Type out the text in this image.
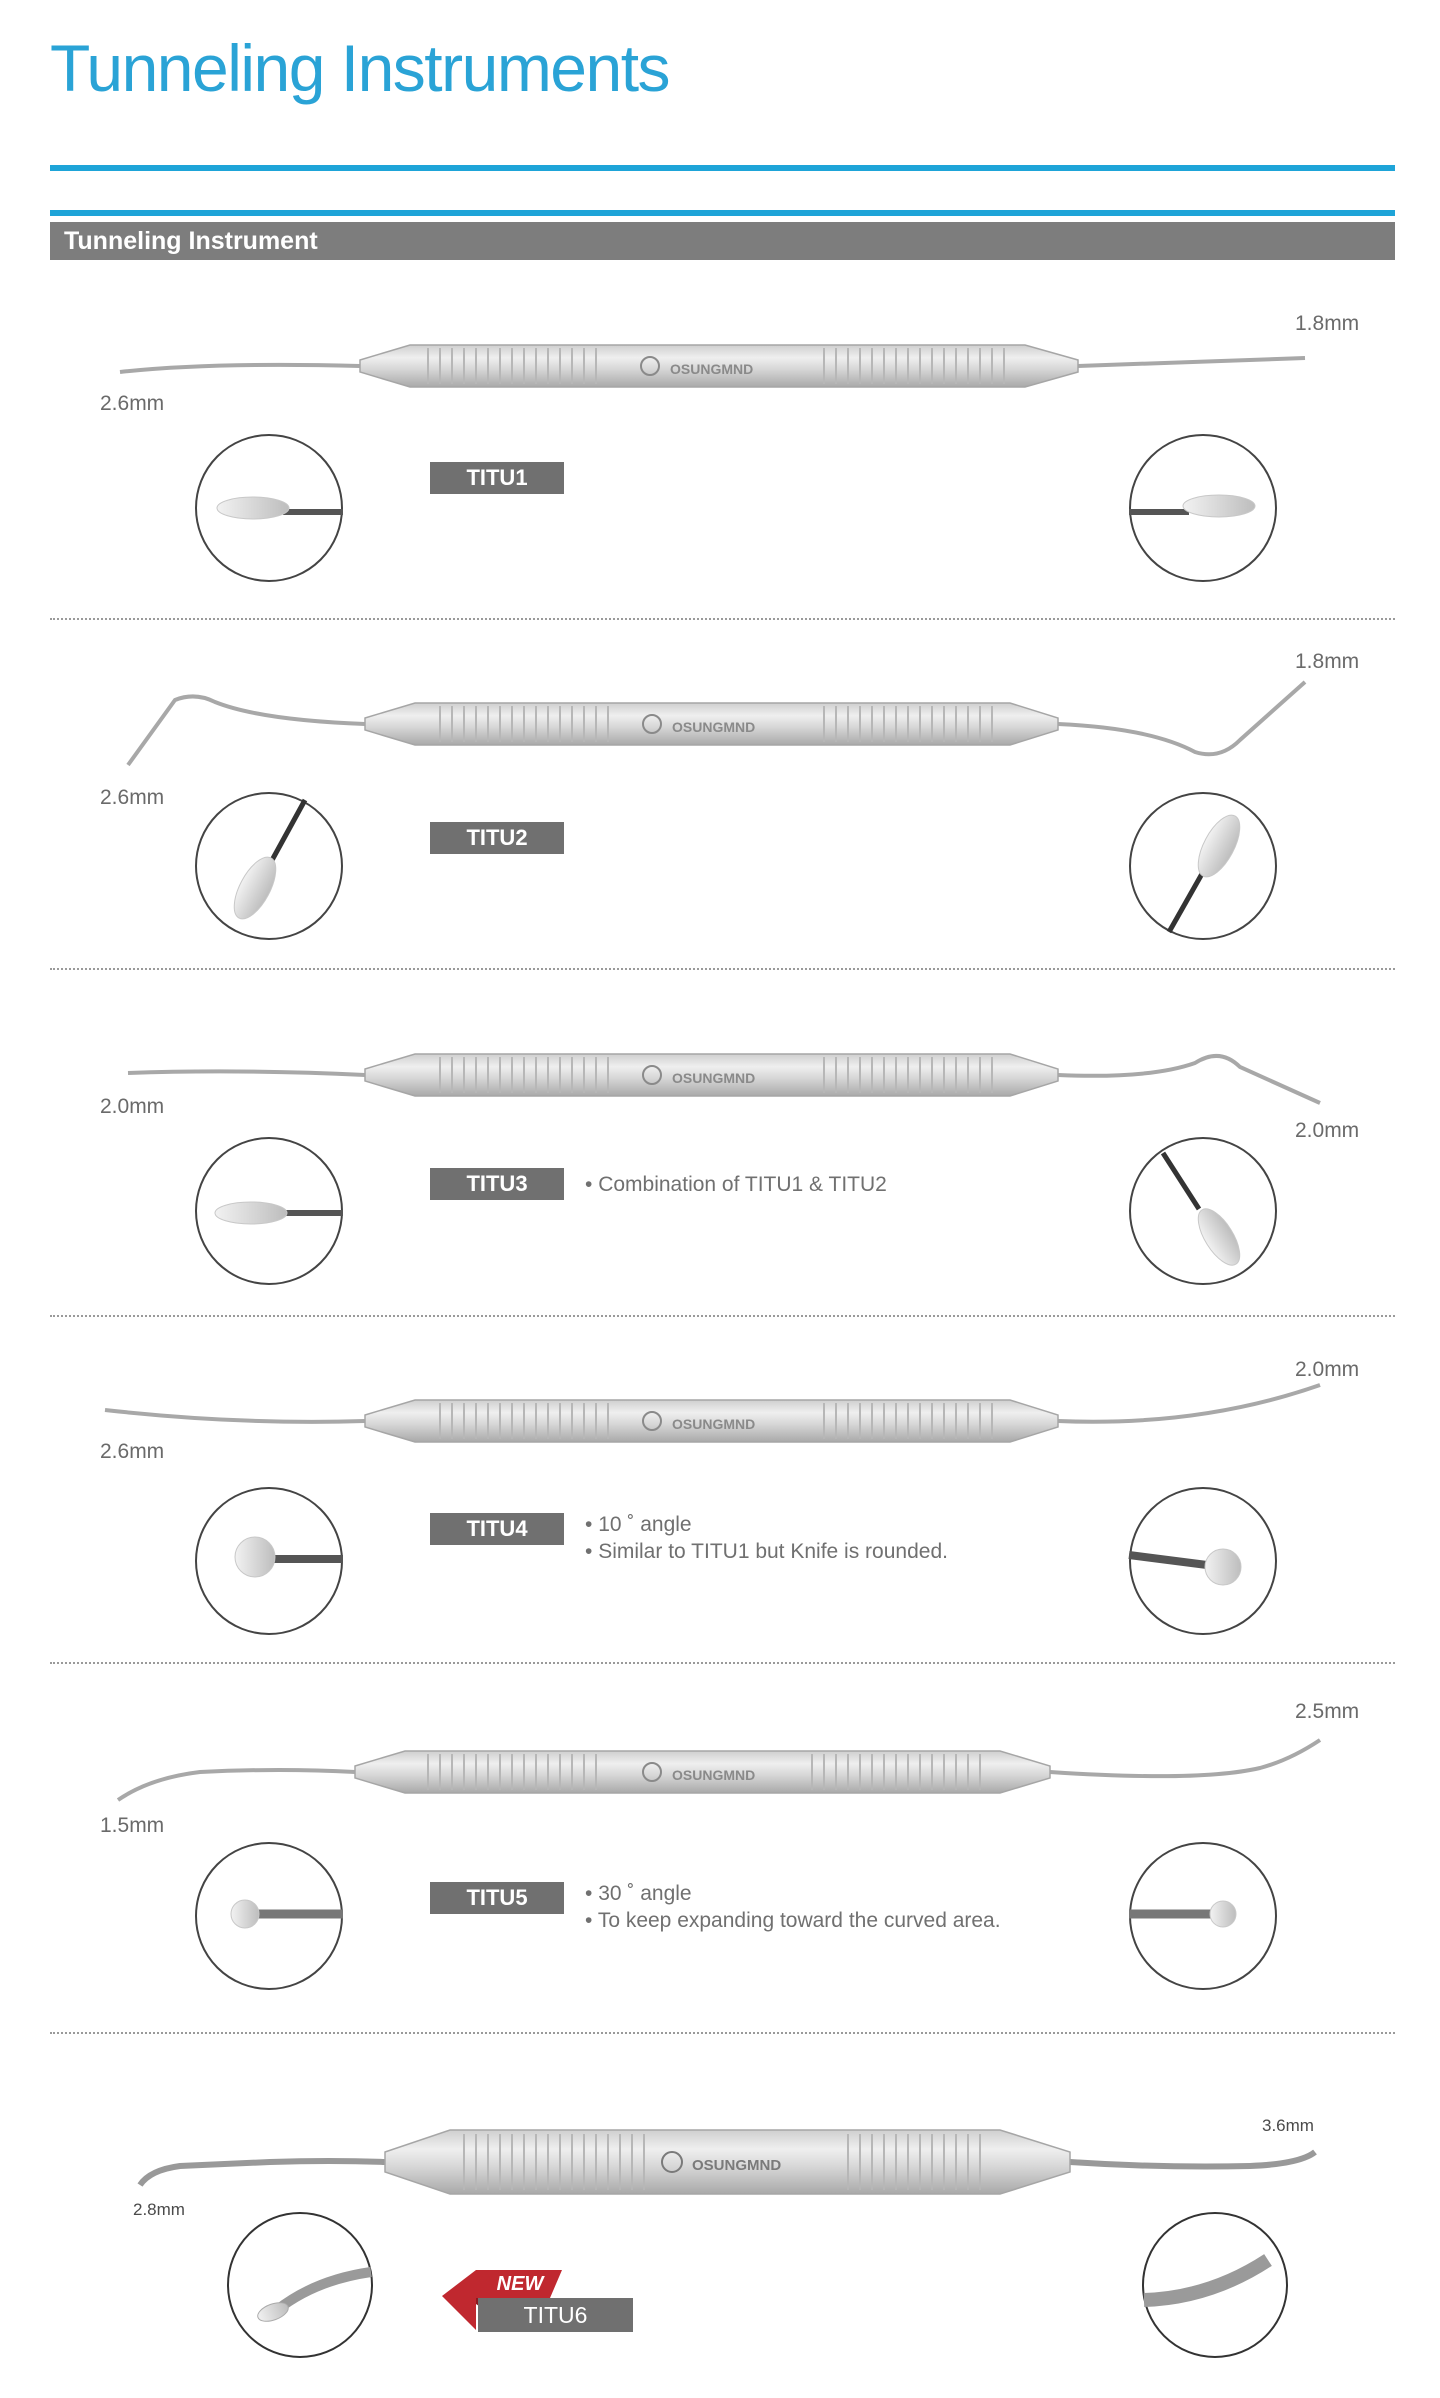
Tunneling Instruments
Tunneling Instrument
OSUNGMND
2.6mm
1.8mm
TITU1
OSUNGMND
2.6mm
1.8mm
TITU2
OSUNGMND
2.0mm
2.0mm
TITU3	• Combination of TITU1 & TITU2
OSUNGMND
2.6mm
2.0mm
TITU4	• 10 ˚ angle
• Similar to TITU1 but Knife is rounded.
OSUNGMND
1.5mm
2.5mm
TITU5	• 30 ˚ angle
• To keep expanding toward the curved area.
OSUNGMND
2.8mm
3.6mm
NEW
TITU6
